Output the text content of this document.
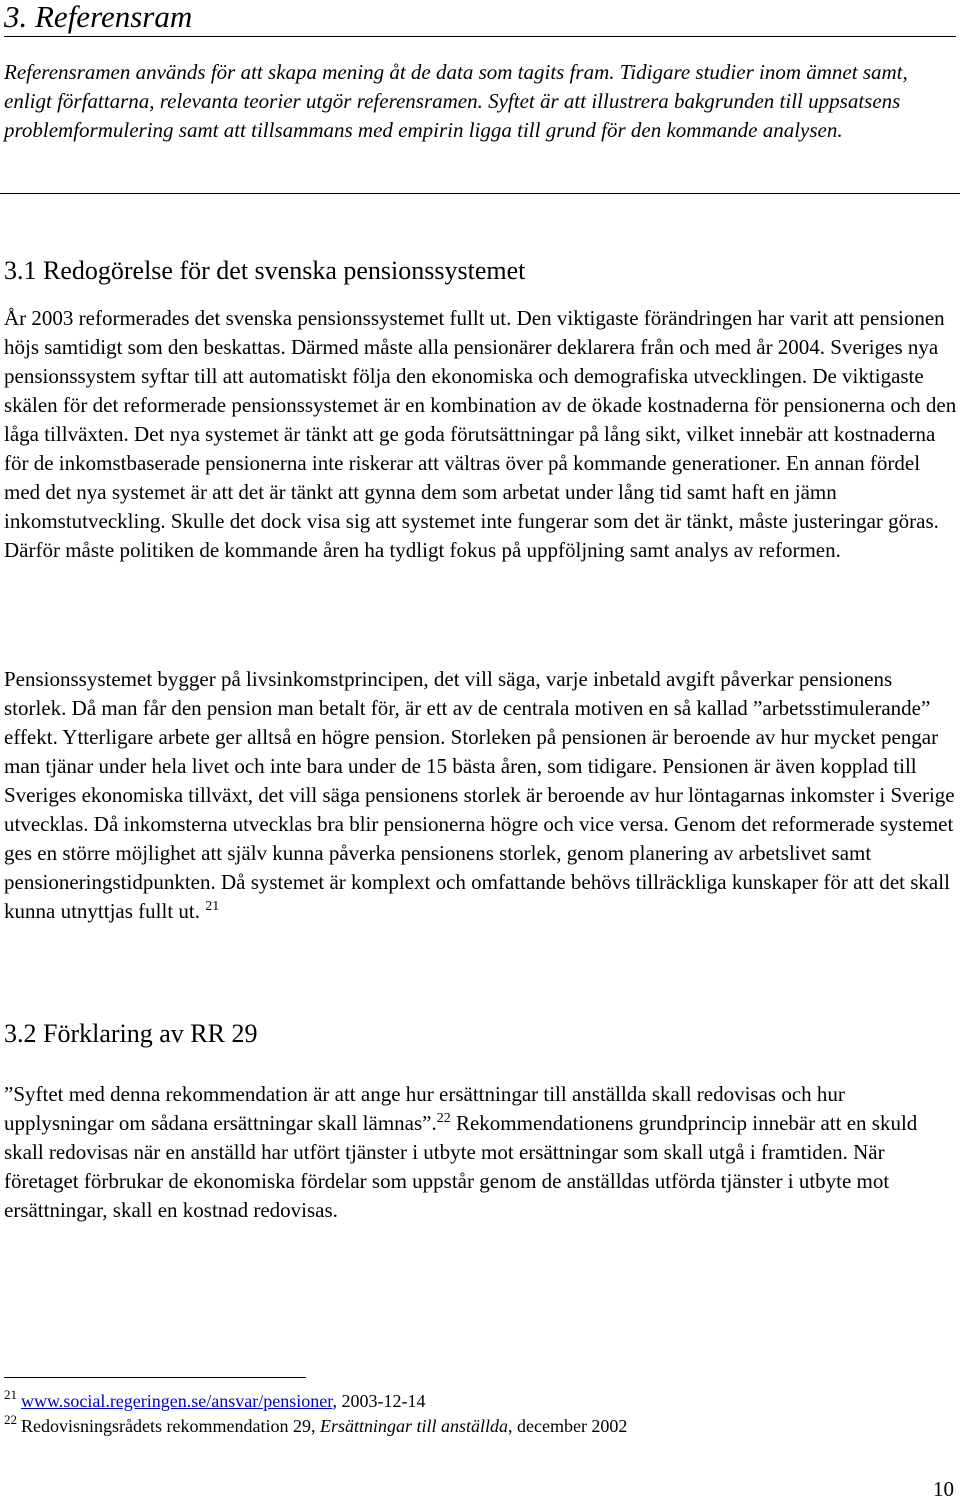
3. Referensram

Referensramen används för att skapa mening åt de data som tagits fram. Tidigare studier inom ämnet samt, enligt författarna, relevanta teorier utgör referensramen. Syftet är att illustrera bakgrunden till uppsatsens problemformulering samt att tillsammans med empirin ligga till grund för den kommande analysen.

3.1 Redogörelse för det svenska pensionssystemet

År 2003 reformerades det svenska pensionssystemet fullt ut. Den viktigaste förändringen har varit att pensionen höjs samtidigt som den beskattas. Därmed måste alla pensionärer deklarera från och med år 2004. Sveriges nya pensionssystem syftar till att automatiskt följa den ekonomiska och demografiska utvecklingen. De viktigaste skälen för det reformerade pensionssystemet är en kombination av de ökade kostnaderna för pensionerna och den låga tillväxten. Det nya systemet är tänkt att ge goda förutsättningar på lång sikt, vilket innebär att kostnaderna för de inkomstbaserade pensionerna inte riskerar att vältras över på kommande generationer. En annan fördel med det nya systemet är att det är tänkt att gynna dem som arbetat under lång tid samt haft en jämn inkomstutveckling. Skulle det dock visa sig att systemet inte fungerar som det är tänkt, måste justeringar göras. Därför måste politiken de kommande åren ha tydligt fokus på uppföljning samt analys av reformen.

Pensionssystemet bygger på livsinkomstprincipen, det vill säga, varje inbetald avgift påverkar pensionens storlek. Då man får den pension man betalt för, är ett av de centrala motiven en så kallad ”arbetsstimulerande” effekt. Ytterligare arbete ger alltså en högre pension. Storleken på pensionen är beroende av hur mycket pengar man tjänar under hela livet och inte bara under de 15 bästa åren, som tidigare. Pensionen är även kopplad till Sveriges ekonomiska tillväxt, det vill säga pensionens storlek är beroende av hur löntagarnas inkomster i Sverige utvecklas. Då inkomsterna utvecklas bra blir pensionerna högre och vice versa. Genom det reformerade systemet ges en större möjlighet att själv kunna påverka pensionens storlek, genom planering av arbetslivet samt pensioneringstidpunkten. Då systemet är komplext och omfattande behövs tillräckliga kunskaper för att det skall kunna utnyttjas fullt ut. $^{21}$

3.2 Förklaring av RR 29

”Syftet med denna rekommendation är att ange hur ersättningar till anställda skall redovisas och hur upplysningar om sådana ersättningar skall lämnas”.$^{22}$ Rekommendationens grundprincip innebär att en skuld skall redovisas när en anställd har utfört tjänster i utbyte mot ersättningar som skall utgå i framtiden. När företaget förbrukar de ekonomiska fördelar som uppstår genom de anställdas utförda tjänster i utbyte mot ersättningar, skall en kostnad redovisas.

$^{21}$ www.social.regeringen.se/ansvar/pensioner, 2003-12-14

$^{22}$ Redovisningsrådets rekommendation 29, Ersättningar till anställda, december 2002

10
